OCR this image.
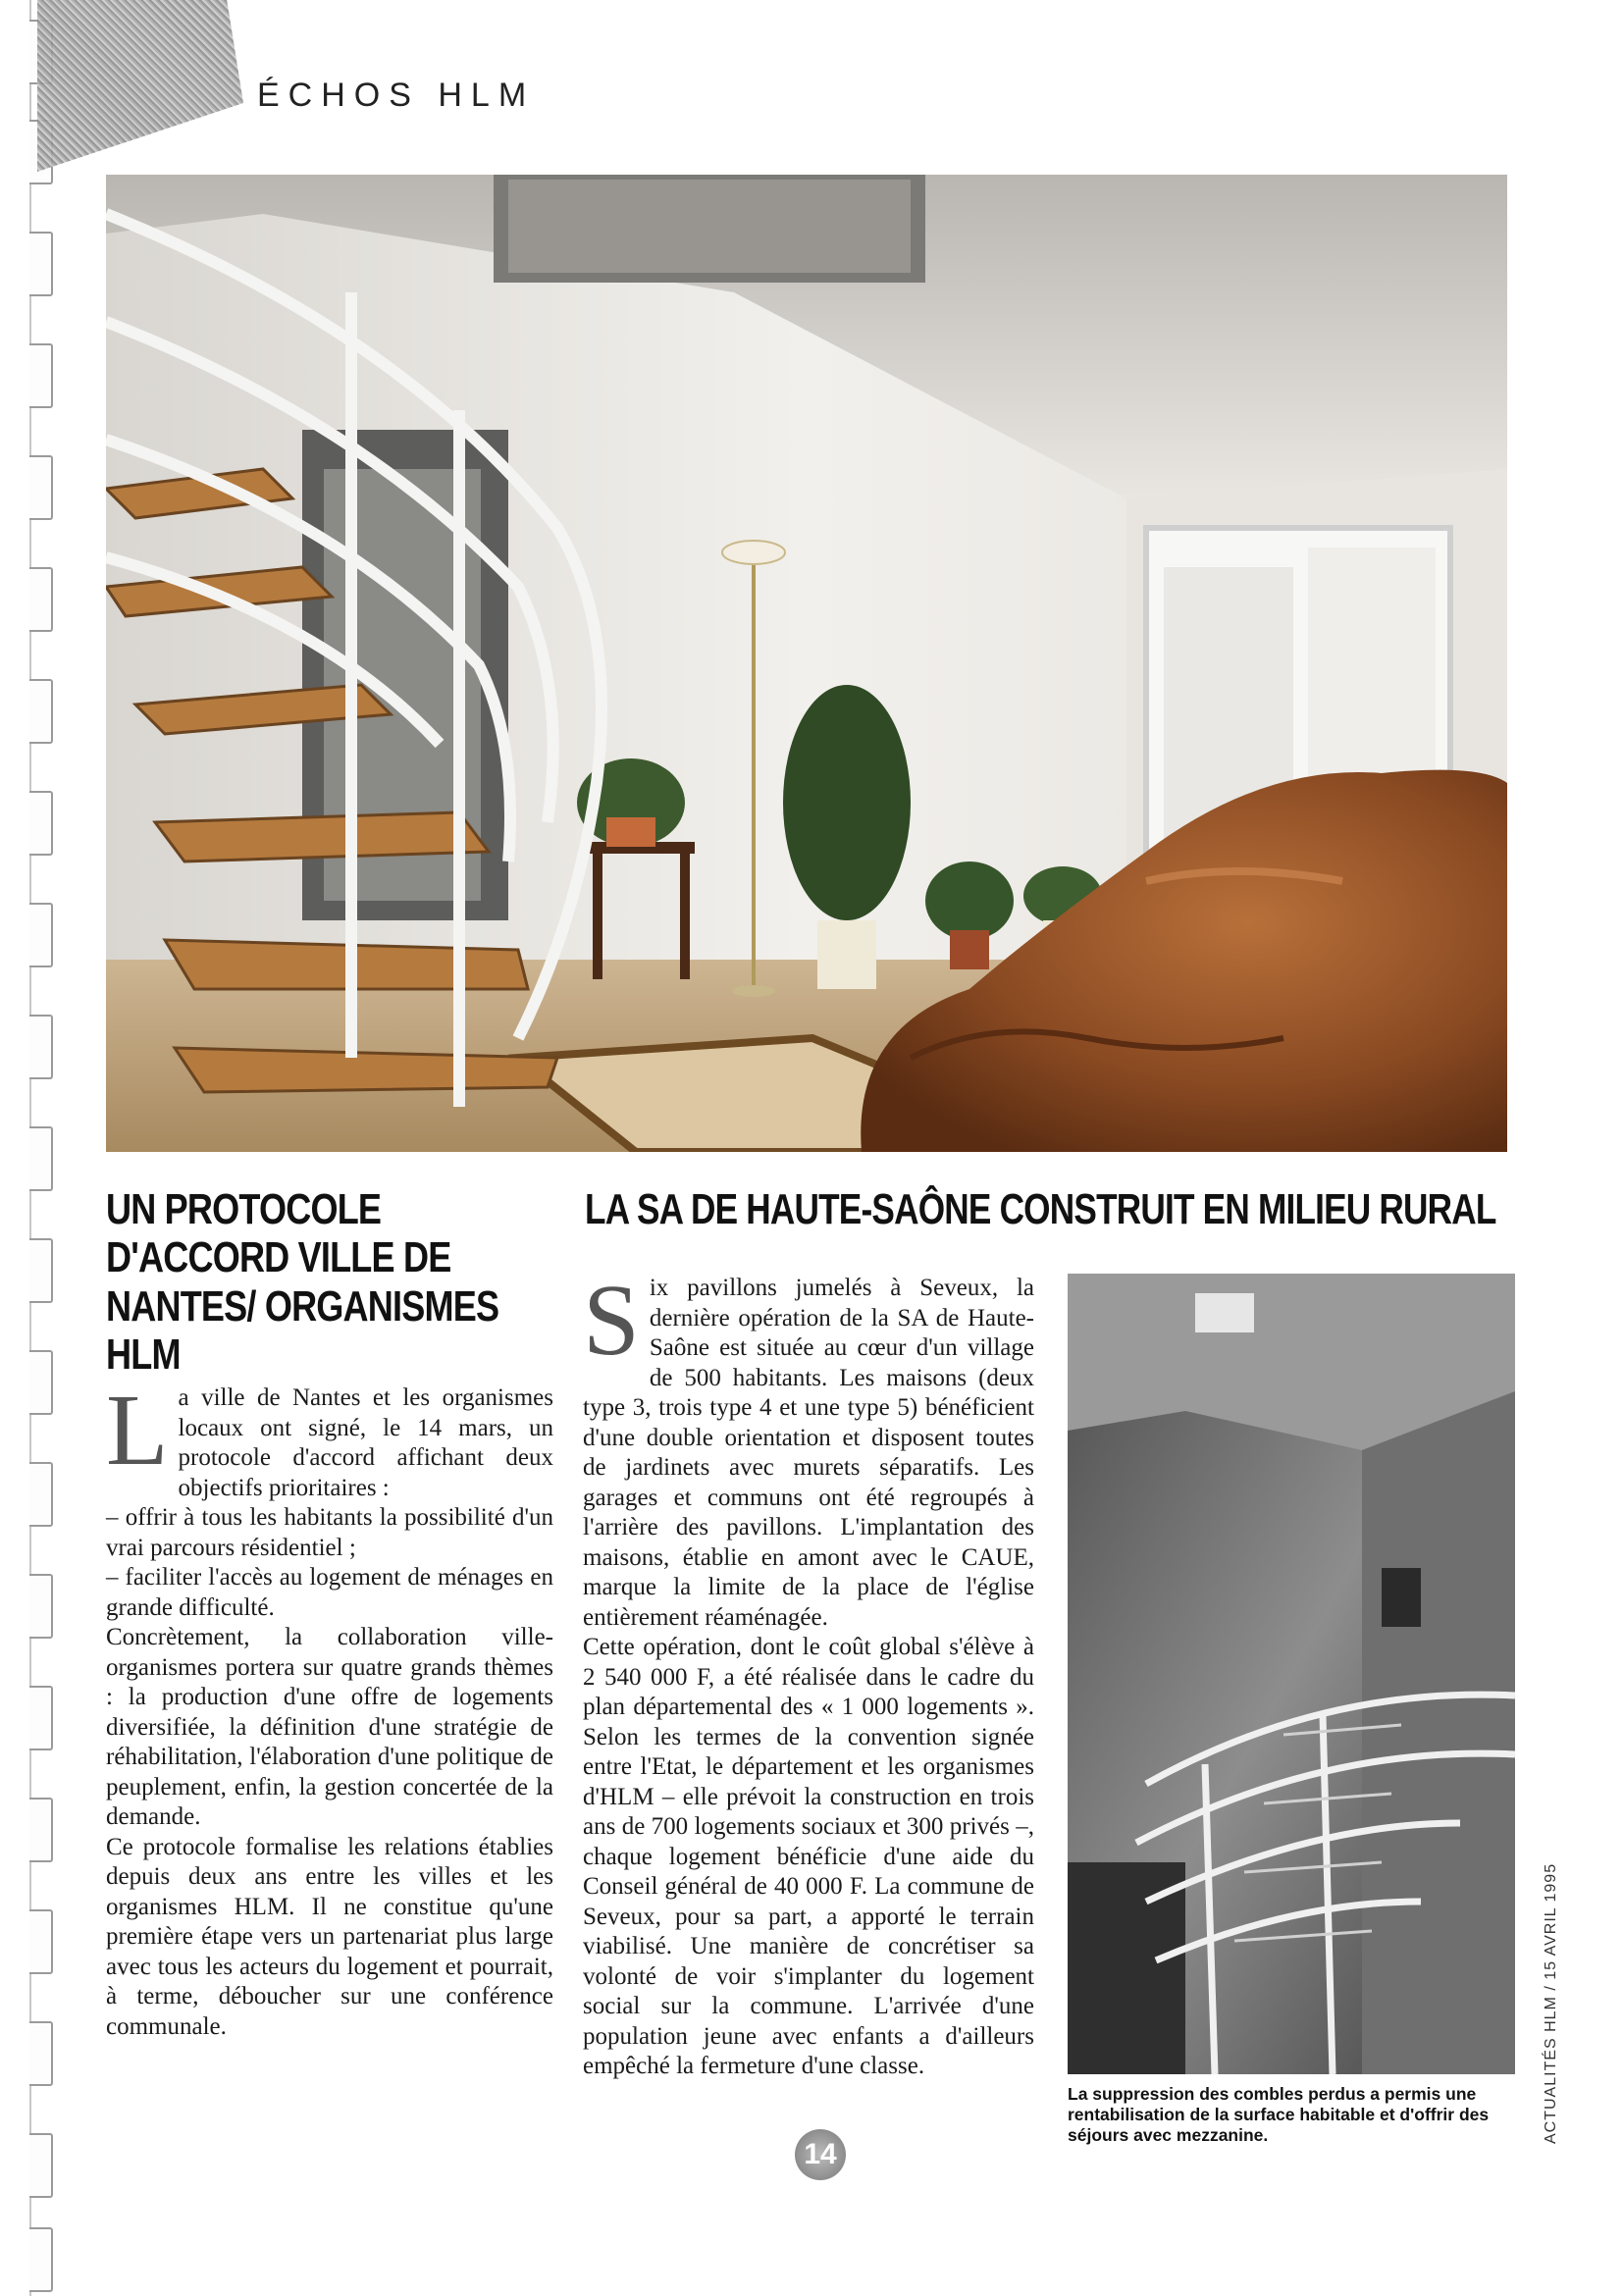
ÉCHOS HLM
UN PROTOCOLE D'ACCORD VILLE DE NANTES/ ORGANISMES HLM
LA SA DE HAUTE-SAÔNE CONSTRUIT EN MILIEU RURAL
L a ville de Nantes et les organismes locaux ont signé, le 14 mars, un protocole d'accord affichant deux objectifs prioritaires :

– offrir à tous les habitants la possibilité d'un vrai parcours résidentiel ;

– faciliter l'accès au logement de ménages en grande difficulté.

Concrètement, la collaboration ville-organismes portera sur quatre grands thèmes : la production d'une offre de logements diversifiée, la définition d'une stratégie de réhabilitation, l'élaboration d'une politique de peuplement, enfin, la gestion concertée de la demande.

Ce protocole formalise les relations établies depuis deux ans entre les villes et les organismes HLM. Il ne constitue qu'une première étape vers un partenariat plus large avec tous les acteurs du logement et pourrait, à terme, déboucher sur une conférence communale.

S ix pavillons jumelés à Seveux, la dernière opération de la SA de Haute-Saône est située au cœur d'un village de 500 habitants. Les maisons (deux type 3, trois type 4 et une type 5) bénéficient d'une double orientation et disposent toutes de jardinets avec murets séparatifs. Les garages et communs ont été regroupés à l'arrière des pavillons. L'implantation des maisons, établie en amont avec le CAUE, marque la limite de la place de l'église entièrement réaménagée.

Cette opération, dont le coût global s'élève à 2 540 000 F, a été réalisée dans le cadre du plan départemental des « 1 000 logements ». Selon les termes de la convention signée entre l'Etat, le département et les organismes d'HLM – elle prévoit la construction en trois ans de 700 logements sociaux et 300 privés –, chaque logement bénéficie d'une aide du Conseil général de 40 000 F. La commune de Seveux, pour sa part, a apporté le terrain viabilisé. Une manière de concrétiser sa volonté de voir s'implanter du logement social sur la commune. L'arrivée d'une population jeune avec enfants a d'ailleurs empêché la fermeture d'une classe.

La suppression des combles perdus a permis une rentabilisation de la surface habitable et d'offrir des séjours avec mezzanine.	ACTUALITÉS HLM / 15 AVRIL 1995
14
